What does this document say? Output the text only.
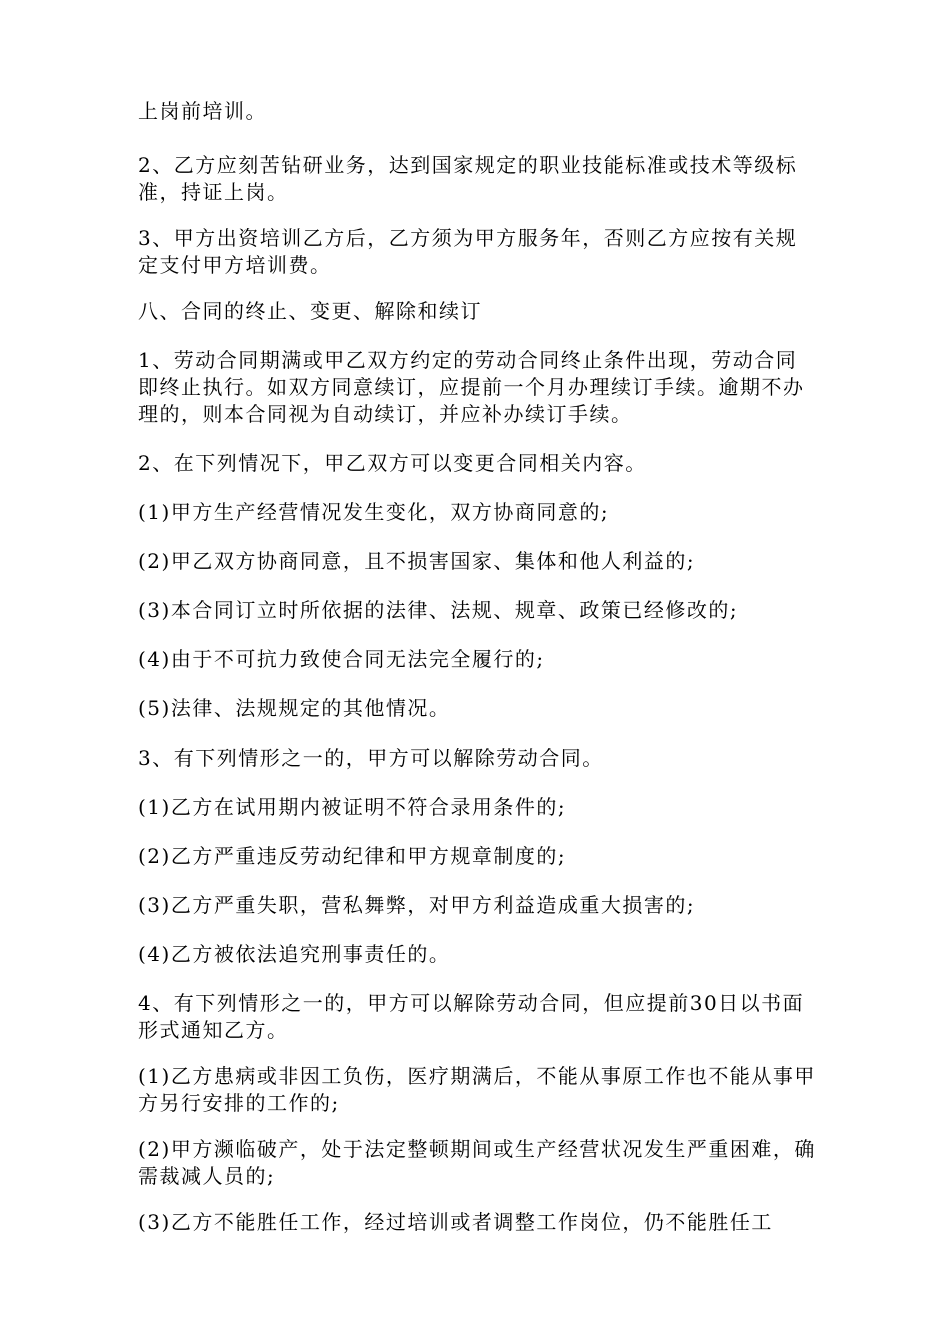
上岗前培训。

2、乙方应刻苦钻研业务，达到国家规定的职业技能标准或技术等级标准，持证上岗。

3、甲方出资培训乙方后，乙方须为甲方服务年，否则乙方应按有关规定支付甲方培训费。

八、合同的终止、变更、解除和续订

1、劳动合同期满或甲乙双方约定的劳动合同终止条件出现，劳动合同即终止执行。如双方同意续订，应提前一个月办理续订手续。逾期不办理的，则本合同视为自动续订，并应补办续订手续。

2、在下列情况下，甲乙双方可以变更合同相关内容。

(1)甲方生产经营情况发生变化，双方协商同意的;

(2)甲乙双方协商同意，且不损害国家、集体和他人利益的;

(3)本合同订立时所依据的法律、法规、规章、政策已经修改的;

(4)由于不可抗力致使合同无法完全履行的;

(5)法律、法规规定的其他情况。

3、有下列情形之一的，甲方可以解除劳动合同。

(1)乙方在试用期内被证明不符合录用条件的;

(2)乙方严重违反劳动纪律和甲方规章制度的;

(3)乙方严重失职，营私舞弊，对甲方利益造成重大损害的;

(4)乙方被依法追究刑事责任的。

4、有下列情形之一的，甲方可以解除劳动合同，但应提前30日以书面形式通知乙方。

(1)乙方患病或非因工负伤，医疗期满后，不能从事原工作也不能从事甲方另行安排的工作的;

(2)甲方濒临破产，处于法定整顿期间或生产经营状况发生严重困难，确需裁减人员的;

(3)乙方不能胜任工作，经过培训或者调整工作岗位，仍不能胜任工
